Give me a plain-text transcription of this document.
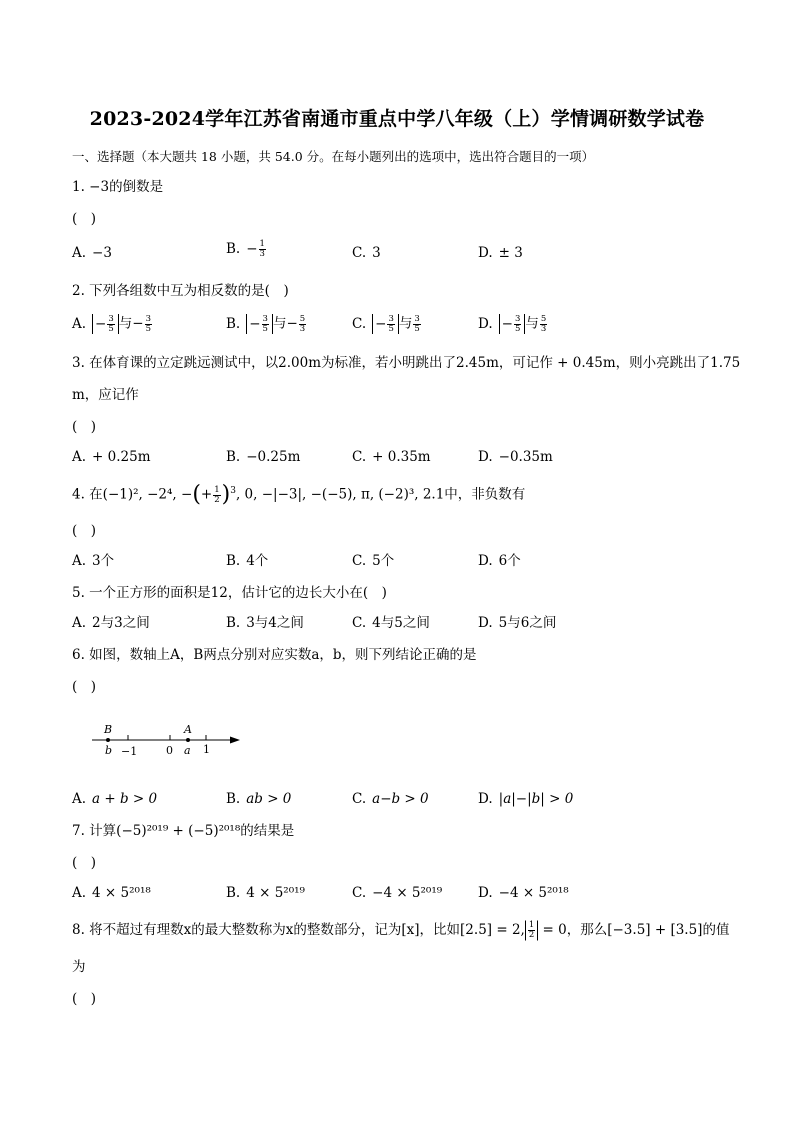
2023-2024学年江苏省南通市重点中学八年级（上）学情调研数学试卷
一、选择题（本大题共 18 小题，共 54.0 分。在每小题列出的选项中，选出符合题目的一项）
1. −3的倒数是
(　)
A. −3	B. − $\frac{1}{3}$	C. 3	D. ± 3
2. 下列各组数中互为相反数的是(　)
A. − $\frac{3}{5}$ 与− $\frac{3}{5}$	B. − $\frac{3}{5}$ 与− $\frac{5}{3}$	C. − $\frac{3}{5}$ 与 $\frac{3}{5}$	D. − $\frac{3}{5}$ 与 $\frac{5}{3}$
3. 在体育课的立定跳远测试中，以2.00m为标准，若小明跳出了2.45m，可记作 + 0.45m，则小亮跳出了1.75
m，应记作
(　)
A. + 0.25m	B. −0.25m	C. + 0.35m	D. −0.35m
4. 在(−1)², −2⁴, −(+ $\frac{1}{2} )^3$, 0, −|−3|, −(−5), π, (−2)³, 2.1中，非负数有
(　)
A. 3个	B. 4个	C. 5个	D. 6个
5. 一个正方形的面积是12，估计它的边长大小在(　)
A. 2与3之间	B. 3与4之间	C. 4与5之间	D. 5与6之间
6. 如图，数轴上A，B两点分别对应实数a，b，则下列结论正确的是
(　)
B
b −1	0
A
a 1
A. a + b > 0	B. ab > 0	C. a−b > 0	D. |a|−|b| > 0
7. 计算(−5)²⁰¹⁹ + (−5)²⁰¹⁸的结果是
(　)
A. 4 × 5²⁰¹⁸	B. 4 × 5²⁰¹⁹	C. −4 × 5²⁰¹⁹	D. −4 × 5²⁰¹⁸
8. 将不超过有理数x的最大整数称为x的整数部分，记为[x]，比如[2.5] = 2, $\frac{1}{2} = 0$，那么[−3.5] + [3.5]的值
为
(　)
